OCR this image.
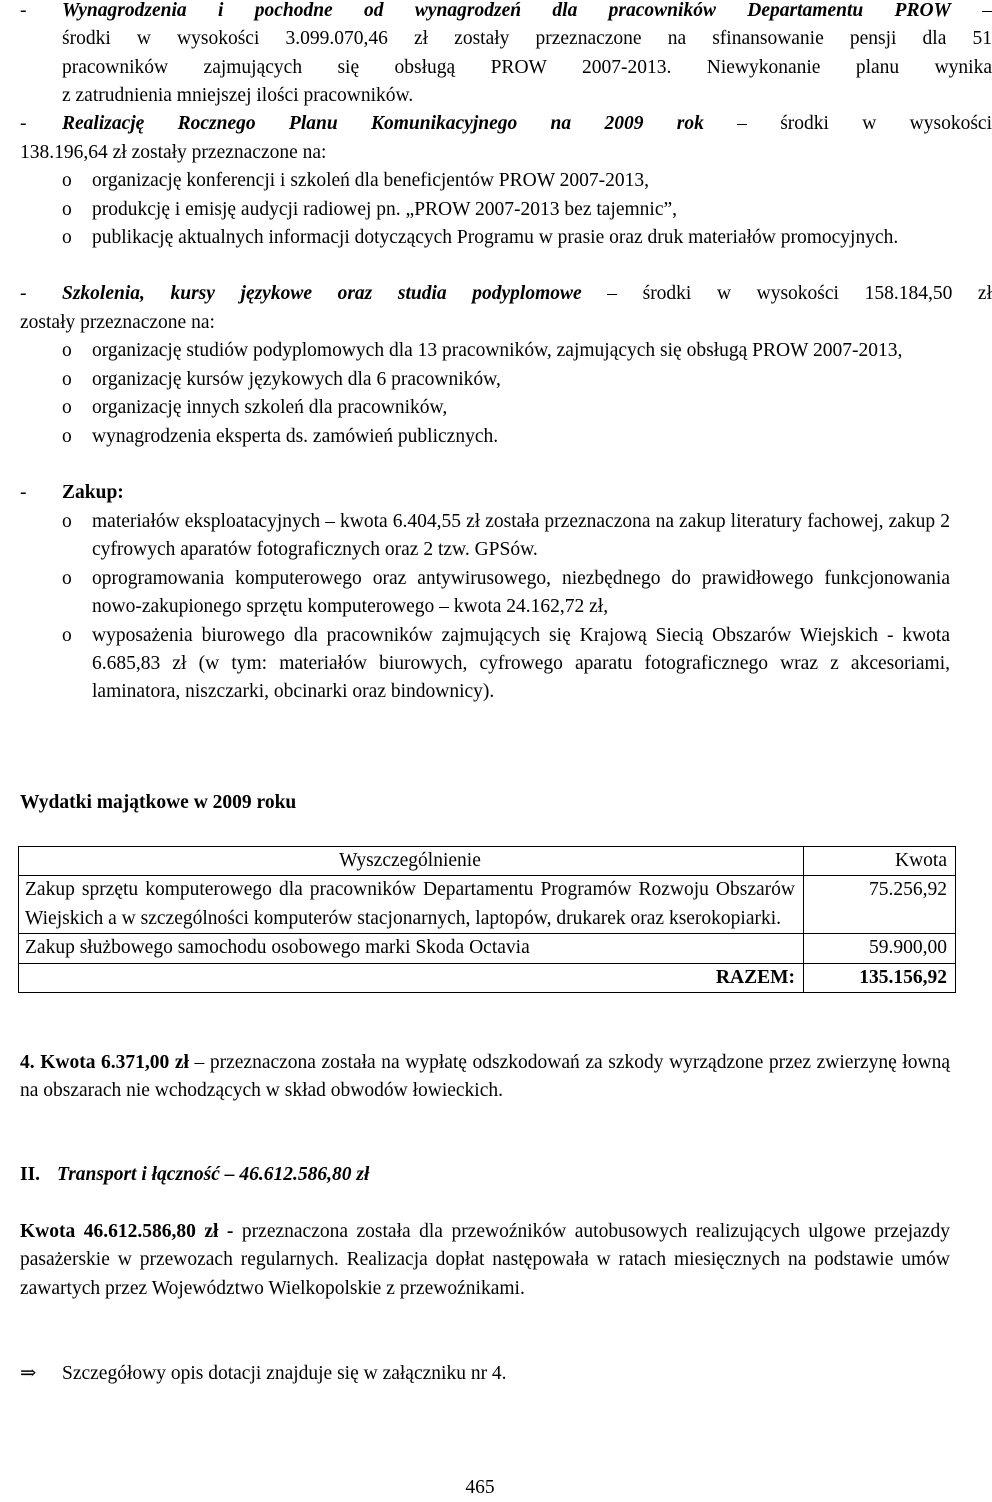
- Wynagrodzenia i pochodne od wynagrodzeń dla pracowników Departamentu PROW –
środki w wysokości 3.099.070,46 zł zostały przeznaczone na sfinansowanie pensji dla 51
pracowników zajmujących się obsługą PROW 2007-2013. Niewykonanie planu wynika
z zatrudnienia mniejszej ilości pracowników.
- Realizację Rocznego Planu Komunikacyjnego na 2009 rok – środki w wysokości
138.196,64 zł zostały przeznaczone na:
o organizację konferencji i szkoleń dla beneficjentów PROW 2007-2013,
o produkcję i emisję audycji radiowej pn. „PROW 2007-2013 bez tajemnic”,
o publikację aktualnych informacji dotyczących Programu w prasie oraz druk materiałów promocyjnych.
- Szkolenia, kursy językowe oraz studia podyplomowe – środki w wysokości 158.184,50 zł
zostały przeznaczone na:
o organizację studiów podyplomowych dla 13 pracowników, zajmujących się obsługą PROW 2007-2013,
o organizację kursów językowych dla 6 pracowników,
o organizację innych szkoleń dla pracowników,
o wynagrodzenia eksperta ds. zamówień publicznych.
- Zakup:
o materiałów eksploatacyjnych – kwota 6.404,55 zł została przeznaczona na zakup literatury fachowej, zakup 2 cyfrowych aparatów fotograficznych oraz 2 tzw. GPSów.
o oprogramowania komputerowego oraz antywirusowego, niezbędnego do prawidłowego funkcjonowania nowo-zakupionego sprzętu komputerowego – kwota 24.162,72 zł,
o wyposażenia biurowego dla pracowników zajmujących się Krajową Siecią Obszarów Wiejskich - kwota 6.685,83 zł (w tym: materiałów biurowych, cyfrowego aparatu fotograficznego wraz z akcesoriami, laminatora, niszczarki, obcinarki oraz bindownicy).
Wydatki majątkowe w 2009 roku
Wyszczególnienie	Kwota
Zakup sprzętu komputerowego dla pracowników Departamentu Programów Rozwoju Obszarów Wiejskich a w szczególności komputerów stacjonarnych, laptopów, drukarek oraz kserokopiarki.	75.256,92
Zakup służbowego samochodu osobowego marki Skoda Octavia	59.900,00
RAZEM:	135.156,92
4. Kwota 6.371,00 zł – przeznaczona została na wypłatę odszkodowań za szkody wyrządzone przez zwierzynę łowną na obszarach nie wchodzących w skład obwodów łowieckich.
II. Transport i łączność – 46.612.586,80 zł
Kwota 46.612.586,80 zł - przeznaczona została dla przewoźników autobusowych realizujących ulgowe przejazdy pasażerskie w przewozach regularnych. Realizacja dopłat następowała w ratach miesięcznych na podstawie umów zawartych przez Województwo Wielkopolskie z przewoźnikami.
⇒ Szczegółowy opis dotacji znajduje się w załączniku nr 4.
465
